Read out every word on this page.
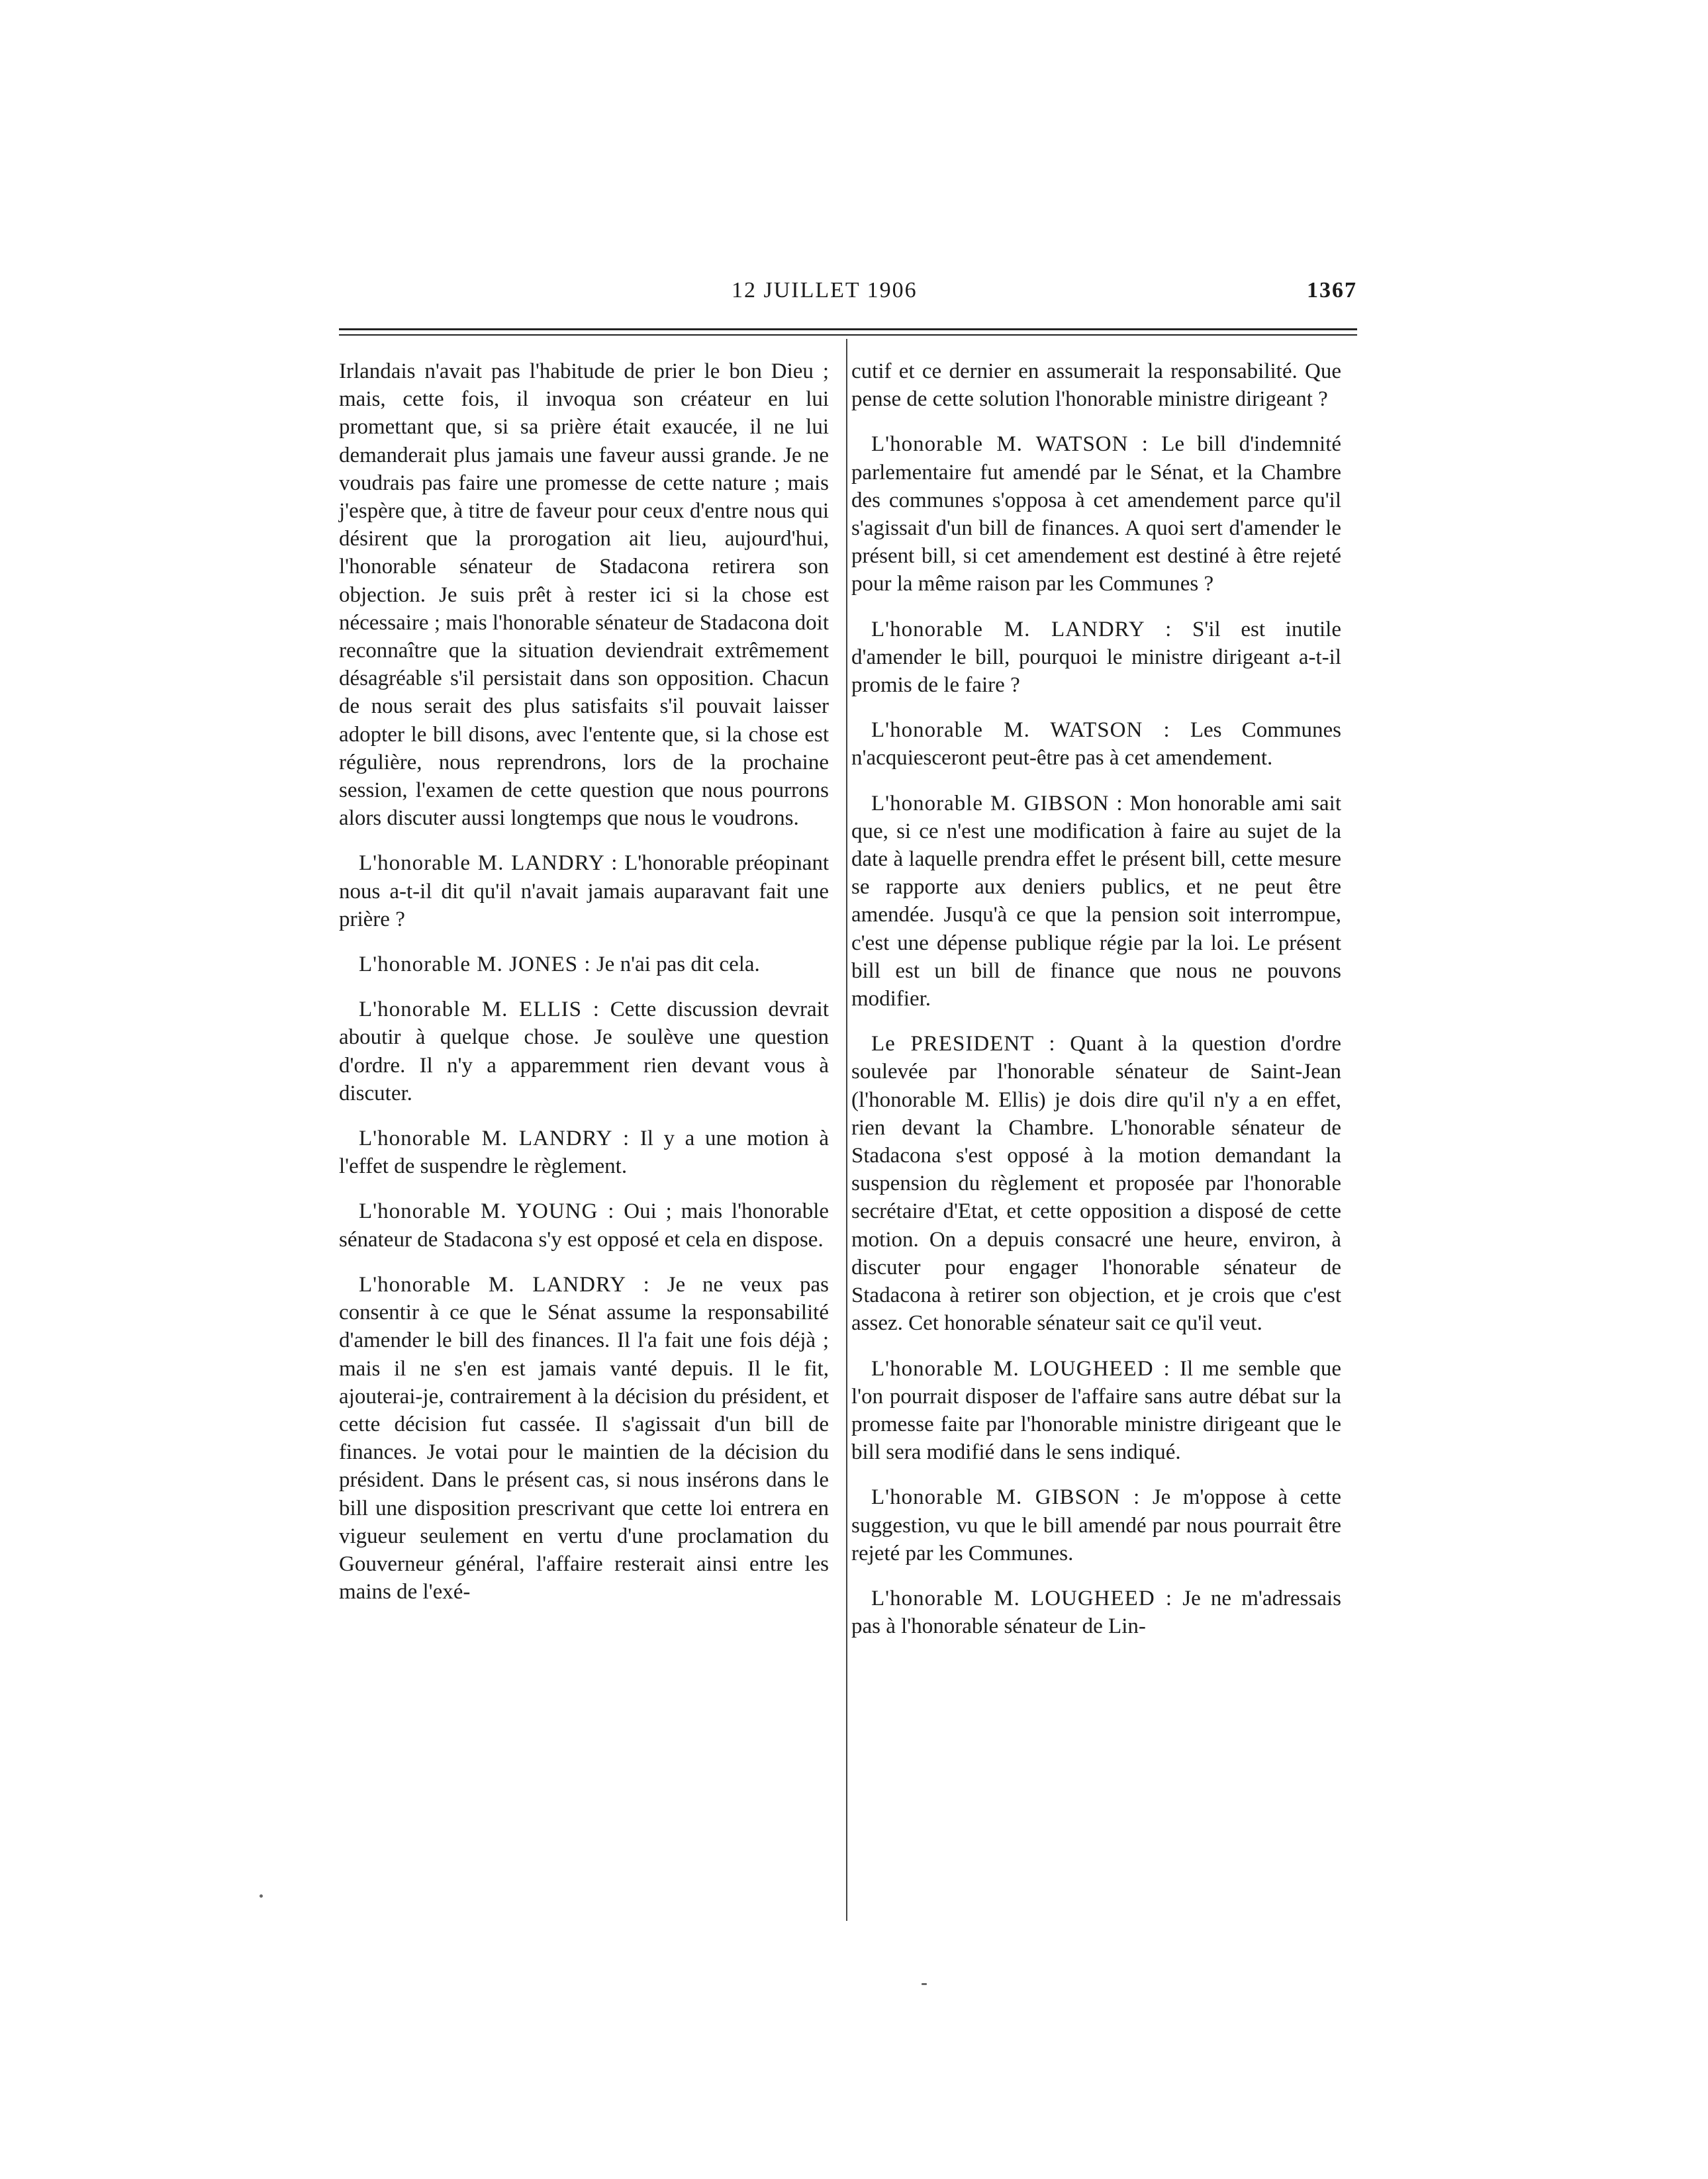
12 JUILLET 1906	1367

Irlandais n'avait pas l'habitude de prier le bon Dieu ; mais, cette fois, il invoqua son créateur en lui promettant que, si sa prière était exaucée, il ne lui demanderait plus jamais une faveur aussi grande. Je ne voudrais pas faire une promesse de cette nature ; mais j'espère que, à titre de faveur pour ceux d'entre nous qui désirent que la prorogation ait lieu, aujourd'hui, l'honorable sénateur de Stadacona retirera son objection. Je suis prêt à rester ici si la chose est nécessaire ; mais l'honorable sénateur de Stadacona doit reconnaître que la situation deviendrait extrêmement désagréable s'il persistait dans son opposition. Chacun de nous serait des plus satisfaits s'il pouvait laisser adopter le bill disons, avec l'entente que, si la chose est régulière, nous reprendrons, lors de la prochaine session, l'examen de cette question que nous pourrons alors discuter aussi longtemps que nous le voudrons.

L'honorable M. LANDRY : L'honorable préopinant nous a-t-il dit qu'il n'avait jamais auparavant fait une prière ?

L'honorable M. JONES : Je n'ai pas dit cela.

L'honorable M. ELLIS : Cette discussion devrait aboutir à quelque chose. Je soulève une question d'ordre. Il n'y a apparemment rien devant vous à discuter.

L'honorable M. LANDRY : Il y a une motion à l'effet de suspendre le règlement.

L'honorable M. YOUNG : Oui ; mais l'honorable sénateur de Stadacona s'y est opposé et cela en dispose.

L'honorable M. LANDRY : Je ne veux pas consentir à ce que le Sénat assume la responsabilité d'amender le bill des finances. Il l'a fait une fois déjà ; mais il ne s'en est jamais vanté depuis. Il le fit, ajouterai-je, contrairement à la décision du président, et cette décision fut cassée. Il s'agissait d'un bill de finances. Je votai pour le maintien de la décision du président. Dans le présent cas, si nous insérons dans le bill une disposition prescrivant que cette loi entrera en vigueur seulement en vertu d'une proclamation du Gouverneur général, l'affaire resterait ainsi entre les mains de l'exé-

cutif et ce dernier en assumerait la responsabilité. Que pense de cette solution l'honorable ministre dirigeant ?

L'honorable M. WATSON : Le bill d'indemnité parlementaire fut amendé par le Sénat, et la Chambre des communes s'opposa à cet amendement parce qu'il s'agissait d'un bill de finances. A quoi sert d'amender le présent bill, si cet amendement est destiné à être rejeté pour la même raison par les Communes ?

L'honorable M. LANDRY : S'il est inutile d'amender le bill, pourquoi le ministre dirigeant a-t-il promis de le faire ?

L'honorable M. WATSON : Les Communes n'acquiesceront peut-être pas à cet amendement.

L'honorable M. GIBSON : Mon honorable ami sait que, si ce n'est une modification à faire au sujet de la date à laquelle prendra effet le présent bill, cette mesure se rapporte aux deniers publics, et ne peut être amendée. Jusqu'à ce que la pension soit interrompue, c'est une dépense publique régie par la loi. Le présent bill est un bill de finance que nous ne pouvons modifier.

Le PRESIDENT : Quant à la question d'ordre soulevée par l'honorable sénateur de Saint-Jean (l'honorable M. Ellis) je dois dire qu'il n'y a en effet, rien devant la Chambre. L'honorable sénateur de Stadacona s'est opposé à la motion demandant la suspension du règlement et proposée par l'honorable secrétaire d'Etat, et cette opposition a disposé de cette motion. On a depuis consacré une heure, environ, à discuter pour engager l'honorable sénateur de Stadacona à retirer son objection, et je crois que c'est assez. Cet honorable sénateur sait ce qu'il veut.

L'honorable M. LOUGHEED : Il me semble que l'on pourrait disposer de l'affaire sans autre débat sur la promesse faite par l'honorable ministre dirigeant que le bill sera modifié dans le sens indiqué.

L'honorable M. GIBSON : Je m'oppose à cette suggestion, vu que le bill amendé par nous pourrait être rejeté par les Communes.

L'honorable M. LOUGHEED : Je ne m'adressais pas à l'honorable sénateur de Lin-
